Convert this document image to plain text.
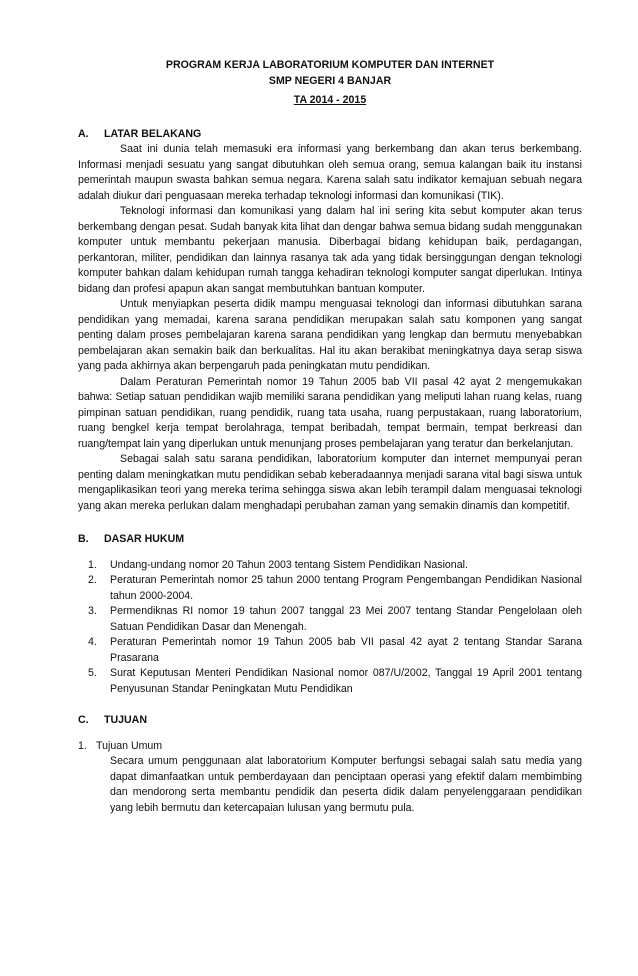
PROGRAM KERJA LABORATORIUM KOMPUTER DAN INTERNET
SMP NEGERI 4 BANJAR
TA 2014 - 2015
A. LATAR BELAKANG

Saat ini dunia telah memasuki era informasi yang berkembang dan akan terus berkembang. Informasi menjadi sesuatu yang sangat dibutuhkan oleh semua orang, semua kalangan baik itu instansi pemerintah maupun swasta bahkan semua negara. Karena salah satu indikator kemajuan sebuah negara adalah diukur dari penguasaan mereka terhadap teknologi informasi dan komunikasi (TIK).

Teknologi informasi dan komunikasi yang dalam hal ini sering kita sebut komputer akan terus berkembang dengan pesat. Sudah banyak kita lihat dan dengar bahwa semua bidang sudah menggunakan komputer untuk membantu pekerjaan manusia. Diberbagai bidang kehidupan baik, perdagangan, perkantoran, militer, pendidikan dan lainnya rasanya tak ada yang tidak bersinggungan dengan teknologi komputer bahkan dalam kehidupan rumah tangga kehadiran teknologi komputer sangat diperlukan. Intinya bidang dan profesi apapun akan sangat membutuhkan bantuan komputer.

Untuk menyiapkan peserta didik mampu menguasai teknologi dan informasi dibutuhkan sarana pendidikan yang memadai, karena sarana pendidikan merupakan salah satu komponen yang sangat penting dalam proses pembelajaran karena sarana pendidikan yang lengkap dan bermutu menyebabkan pembelajaran akan semakin baik dan berkualitas. Hal itu akan berakibat meningkatnya daya serap siswa yang pada akhirnya akan berpengaruh pada peningkatan mutu pendidikan.

Dalam Peraturan Pemerintah nomor 19 Tahun 2005 bab VII pasal 42 ayat 2 mengemukakan bahwa: Setiap satuan pendidikan wajib memiliki sarana pendidikan yang meliputi lahan ruang kelas, ruang pimpinan satuan pendidikan, ruang pendidik, ruang tata usaha, ruang perpustakaan, ruang laboratorium, ruang bengkel kerja tempat berolahraga, tempat beribadah, tempat bermain, tempat berkreasi dan ruang/tempat lain yang diperlukan untuk menunjang proses pembelajaran yang teratur dan berkelanjutan.

Sebagai salah satu sarana pendidikan, laboratorium komputer dan internet mempunyai peran penting dalam meningkatkan mutu pendidikan sebab keberadaannya menjadi sarana vital bagi siswa untuk mengaplikasikan teori yang mereka terima sehingga siswa akan lebih terampil dalam menguasai teknologi yang akan mereka perlukan dalam menghadapi perubahan zaman yang semakin dinamis dan kompetitif.

B. DASAR HUKUM
1. Undang-undang nomor 20 Tahun 2003 tentang Sistem Pendidikan Nasional.
2. Peraturan Pemerintah nomor 25 tahun 2000 tentang Program Pengembangan Pendidikan Nasional tahun 2000-2004.
3. Permendiknas RI nomor 19 tahun 2007 tanggal 23 Mei 2007 tentang Standar Pengelolaan oleh Satuan Pendidikan Dasar dan Menengah.
4. Peraturan Pemerintah nomor 19 Tahun 2005 bab VII pasal 42 ayat 2 tentang Standar Sarana Prasarana
5. Surat Keputusan Menteri Pendidikan Nasional nomor 087/U/2002, Tanggal 19 April 2001 tentang Penyusunan Standar Peningkatan Mutu Pendidikan
C. TUJUAN
1. Tujuan Umum
Secara umum penggunaan alat laboratorium Komputer berfungsi sebagai salah satu media yang dapat dimanfaatkan untuk pemberdayaan dan penciptaan operasi yang efektif dalam membimbing dan mendorong serta membantu pendidik dan peserta didik dalam penyelenggaraan pendidikan yang lebih bermutu dan ketercapaian lulusan yang bermutu pula.
